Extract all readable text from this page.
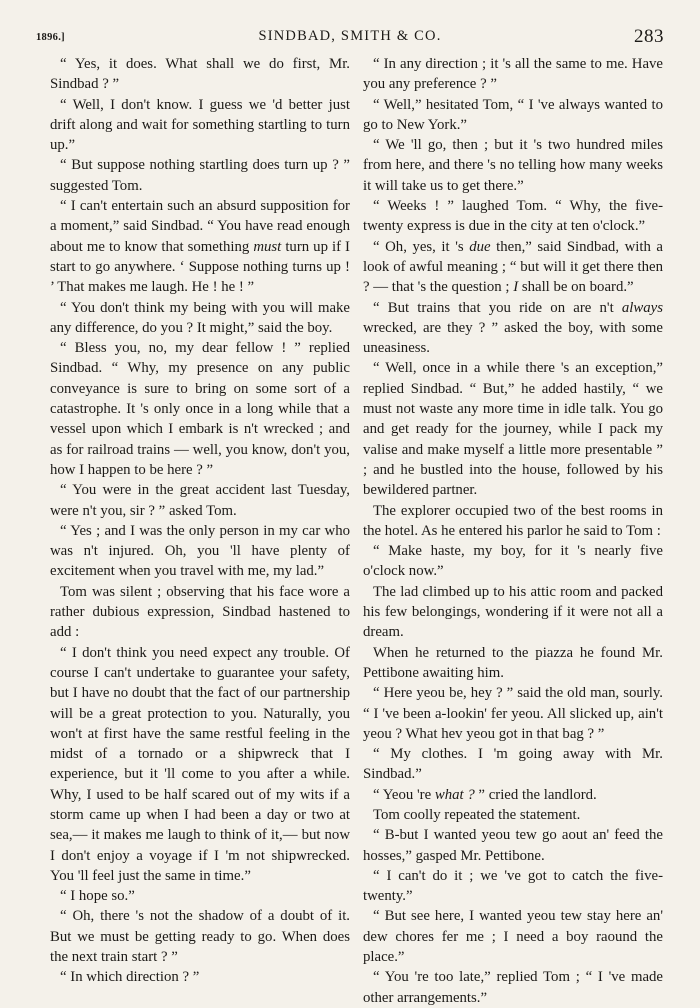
1896.]	SINDBAD, SMITH & CO.	283

“ Yes, it does. What shall we do first, Mr. Sindbad ? ”

“ Well, I don't know. I guess we 'd better just drift along and wait for something startling to turn up.”

“ But suppose nothing startling does turn up ? ” suggested Tom.

“ I can't entertain such an absurd supposition for a moment,” said Sindbad. “ You have read enough about me to know that something must turn up if I start to go anywhere. ‘ Suppose nothing turns up ! ’ That makes me laugh. He ! he ! ”

“ You don't think my being with you will make any difference, do you ? It might,” said the boy.

“ Bless you, no, my dear fellow ! ” replied Sindbad. “ Why, my presence on any public conveyance is sure to bring on some sort of a catastrophe. It 's only once in a long while that a vessel upon which I embark is n't wrecked ; and as for railroad trains — well, you know, don't you, how I happen to be here ? ”

“ You were in the great accident last Tuesday, were n't you, sir ? ” asked Tom.

“ Yes ; and I was the only person in my car who was n't injured. Oh, you 'll have plenty of excitement when you travel with me, my lad.”

Tom was silent ; observing that his face wore a rather dubious expression, Sindbad hastened to add :

“ I don't think you need expect any trouble. Of course I can't undertake to guarantee your safety, but I have no doubt that the fact of our partnership will be a great protection to you. Naturally, you won't at first have the same restful feeling in the midst of a tornado or a shipwreck that I experience, but it 'll come to you after a while. Why, I used to be half scared out of my wits if a storm came up when I had been a day or two at sea,— it makes me laugh to think of it,— but now I don't enjoy a voyage if I 'm not shipwrecked. You 'll feel just the same in time.”

“ I hope so.”

“ Oh, there 's not the shadow of a doubt of it. But we must be getting ready to go. When does the next train start ? ”

“ In which direction ? ”

“ In any direction ; it 's all the same to me. Have you any preference ? ”

“ Well,” hesitated Tom, “ I 've always wanted to go to New York.”

“ We 'll go, then ; but it 's two hundred miles from here, and there 's no telling how many weeks it will take us to get there.”

“ Weeks ! ” laughed Tom. “ Why, the five-twenty express is due in the city at ten o'clock.”

“ Oh, yes, it 's due then,” said Sindbad, with a look of awful meaning ; “ but will it get there then ? — that 's the question ; I shall be on board.”

“ But trains that you ride on are n't always wrecked, are they ? ” asked the boy, with some uneasiness.

“ Well, once in a while there 's an exception,” replied Sindbad. “ But,” he added hastily, “ we must not waste any more time in idle talk. You go and get ready for the journey, while I pack my valise and make myself a little more presentable ” ; and he bustled into the house, followed by his bewildered partner.

The explorer occupied two of the best rooms in the hotel. As he entered his parlor he said to Tom :

“ Make haste, my boy, for it 's nearly five o'clock now.”

The lad climbed up to his attic room and packed his few belongings, wondering if it were not all a dream.

When he returned to the piazza he found Mr. Pettibone awaiting him.

“ Here yeou be, hey ? ” said the old man, sourly. “ I 've been a-lookin' fer yeou. All slicked up, ain't yeou ? What hev yeou got in that bag ? ”

“ My clothes. I 'm going away with Mr. Sindbad.”

“ Yeou 're what ? ” cried the landlord.

Tom coolly repeated the statement.

“ B-but I wanted yeou tew go aout an' feed the hosses,” gasped Mr. Pettibone.

“ I can't do it ; we 've got to catch the five-twenty.”

“ But see here, I wanted yeou tew stay here an' dew chores fer me ; I need a boy raound the place.”

“ You 're too late,” replied Tom ; “ I 've made other arrangements.”
